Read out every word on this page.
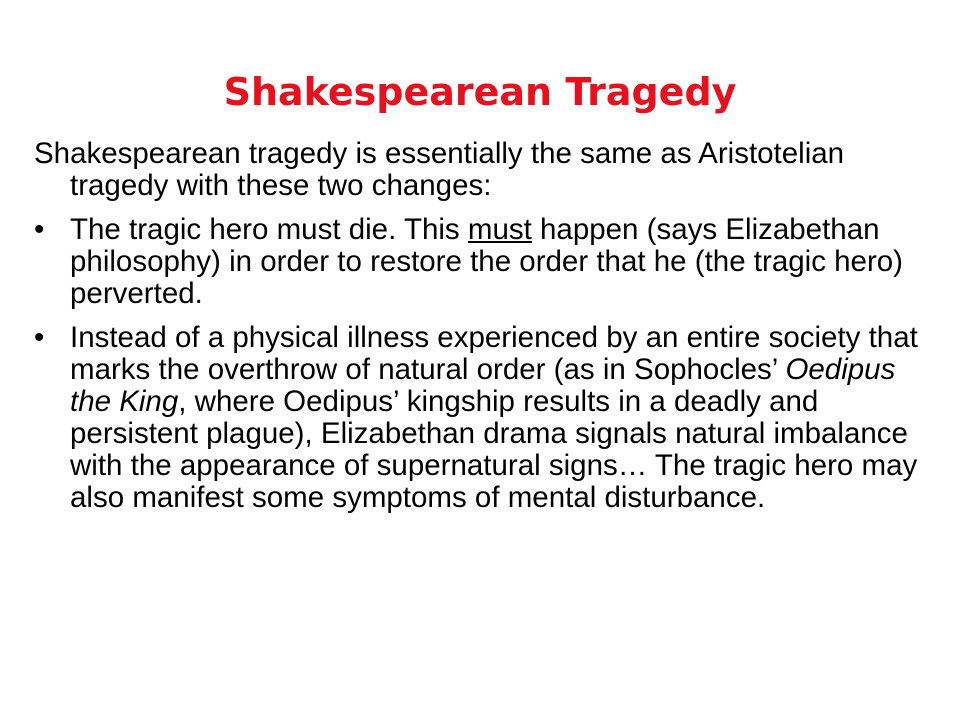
Shakespearean Tragedy

Shakespearean tragedy is essentially the same as Aristotelian tragedy with these two changes:

• The tragic hero must die. This must happen (says Elizabethan philosophy) in order to restore the order that he (the tragic hero) perverted.
• Instead of a physical illness experienced by an entire society that marks the overthrow of natural order (as in Sophocles’ Oedipus the King, where Oedipus’ kingship results in a deadly and persistent plague), Elizabethan drama signals natural imbalance with the appearance of supernatural signs… The tragic hero may also manifest some symptoms of mental disturbance.
